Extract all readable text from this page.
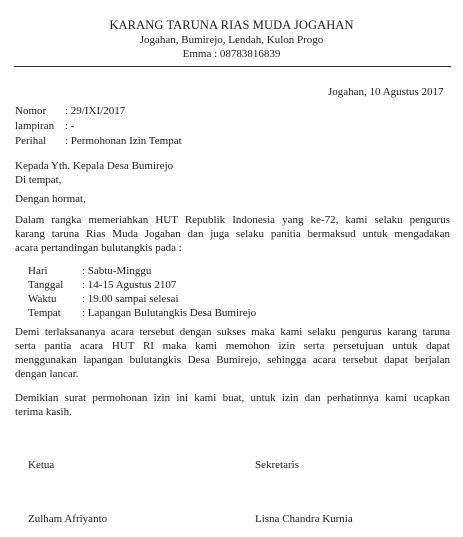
KARANG TARUNA RIAS MUDA JOGAHAN
Jogahan, Bumirejo, Lendah, Kulon Progo
Emma : 08783816839
Jogahan, 10 Agustus 2017
Nomor : 29/IXI/2017
lampiran : -
Perihal : Permohonan Izin Tempat
Kepada Yth. Kepala Desa Bumirejo
Di tempat,
Dengan hormat,
Dalam rangka memeriahkan HUT Republik Indonesia yang ke-72, kami selaku pengurus
karang taruna Rias Muda Jogahan dan juga selaku panitia bermaksud untuk mengadakan
acara pertandingan bulutangkis pada :
Hari	: Sabtu-Minggu
Tanggal : 14-15 Agustus 2107
Waktu : 19.00 sampai selesai
Tempat : Lapangan Bulutangkis Desa Bumirejo
Demi terlaksananya acara tersebut dengan sukses maka kami selaku pengurus karang taruna
serta pantia acara HUT RI maka kami memohon izin serta persetujuan untuk dapat
menggunakan lapangan bulutangkis Desa Bumirejo, sehingga acara tersebut dapat berjalan
dengan lancar.
Demikian surat permohonan izin ini kami buat, untuk izin dan perhatinnya kami ucapkan
terima kasih.
Ketua	Sekretaris
Zulham Afriyanto	Lisna Chandra Kurnia
